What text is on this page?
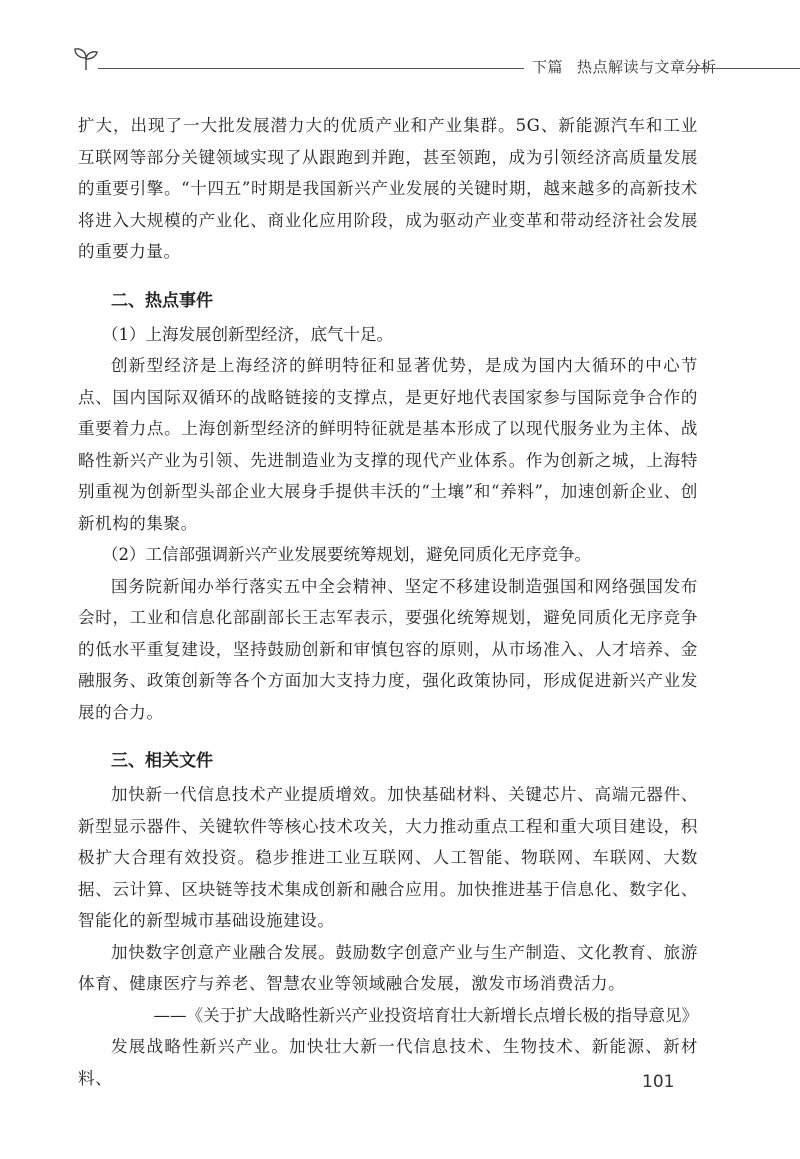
下篇 热点解读与文章分析

扩大，出现了一大批发展潜力大的优质产业和产业集群。5G、新能源汽车和工业互联网等部分关键领域实现了从跟跑到并跑，甚至领跑，成为引领经济高质量发展的重要引擎。“十四五”时期是我国新兴产业发展的关键时期，越来越多的高新技术将进入大规模的产业化、商业化应用阶段，成为驱动产业变革和带动经济社会发展的重要力量。

二、热点事件

（1）上海发展创新型经济，底气十足。

创新型经济是上海经济的鲜明特征和显著优势，是成为国内大循环的中心节点、国内国际双循环的战略链接的支撑点，是更好地代表国家参与国际竞争合作的重要着力点。上海创新型经济的鲜明特征就是基本形成了以现代服务业为主体、战略性新兴产业为引领、先进制造业为支撑的现代产业体系。作为创新之城，上海特别重视为创新型头部企业大展身手提供丰沃的“土壤”和“养料”，加速创新企业、创新机构的集聚。

（2）工信部强调新兴产业发展要统筹规划，避免同质化无序竞争。

国务院新闻办举行落实五中全会精神、坚定不移建设制造强国和网络强国发布会时，工业和信息化部副部长王志军表示，要强化统筹规划，避免同质化无序竞争的低水平重复建设，坚持鼓励创新和审慎包容的原则，从市场准入、人才培养、金融服务、政策创新等各个方面加大支持力度，强化政策协同，形成促进新兴产业发展的合力。

三、相关文件

加快新一代信息技术产业提质增效。加快基础材料、关键芯片、高端元器件、新型显示器件、关键软件等核心技术攻关，大力推动重点工程和重大项目建设，积极扩大合理有效投资。稳步推进工业互联网、人工智能、物联网、车联网、大数据、云计算、区块链等技术集成创新和融合应用。加快推进基于信息化、数字化、智能化的新型城市基础设施建设。

加快数字创意产业融合发展。鼓励数字创意产业与生产制造、文化教育、旅游体育、健康医疗与养老、智慧农业等领域融合发展，激发市场消费活力。

——《关于扩大战略性新兴产业投资培育壮大新增长点增长极的指导意见》

发展战略性新兴产业。加快壮大新一代信息技术、生物技术、新能源、新材料、	101
